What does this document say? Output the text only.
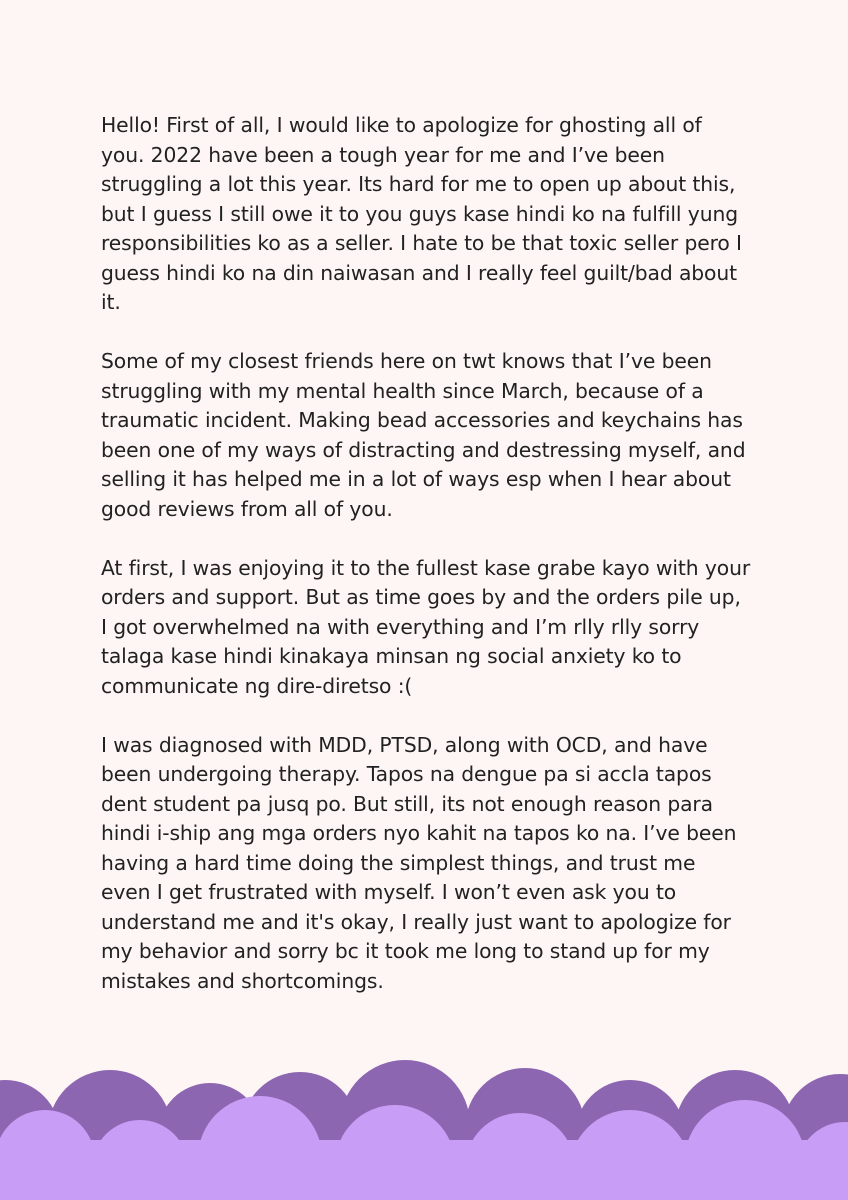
Hello! First of all, I would like to apologize for ghosting all of you. 2022 have been a tough year for me and I’ve been struggling a lot this year. Its hard for me to open up about this, but I guess I still owe it to you guys kase hindi ko na fulfill yung responsibilities ko as a seller. I hate to be that toxic seller pero I guess hindi ko na din naiwasan and I really feel guilt/bad about it.

Some of my closest friends here on twt knows that I’ve been struggling with my mental health since March, because of a traumatic incident. Making bead accessories and keychains has been one of my ways of distracting and destressing myself, and selling it has helped me in a lot of ways esp when I hear about good reviews from all of you.

At first, I was enjoying it to the fullest kase grabe kayo with your orders and support. But as time goes by and the orders pile up, I got overwhelmed na with everything and I’m rlly rlly sorry talaga kase hindi kinakaya minsan ng social anxiety ko to communicate ng dire-diretso :(

I was diagnosed with MDD, PTSD, along with OCD, and have been undergoing therapy. Tapos na dengue pa si accla tapos dent student pa jusq po. But still, its not enough reason para hindi i-ship ang mga orders nyo kahit na tapos ko na. I’ve been having a hard time doing the simplest things, and trust me even I get frustrated with myself. I won’t even ask you to understand me and it's okay, I really just want to apologize for my behavior and sorry bc it took me long to stand up for my mistakes and shortcomings.
